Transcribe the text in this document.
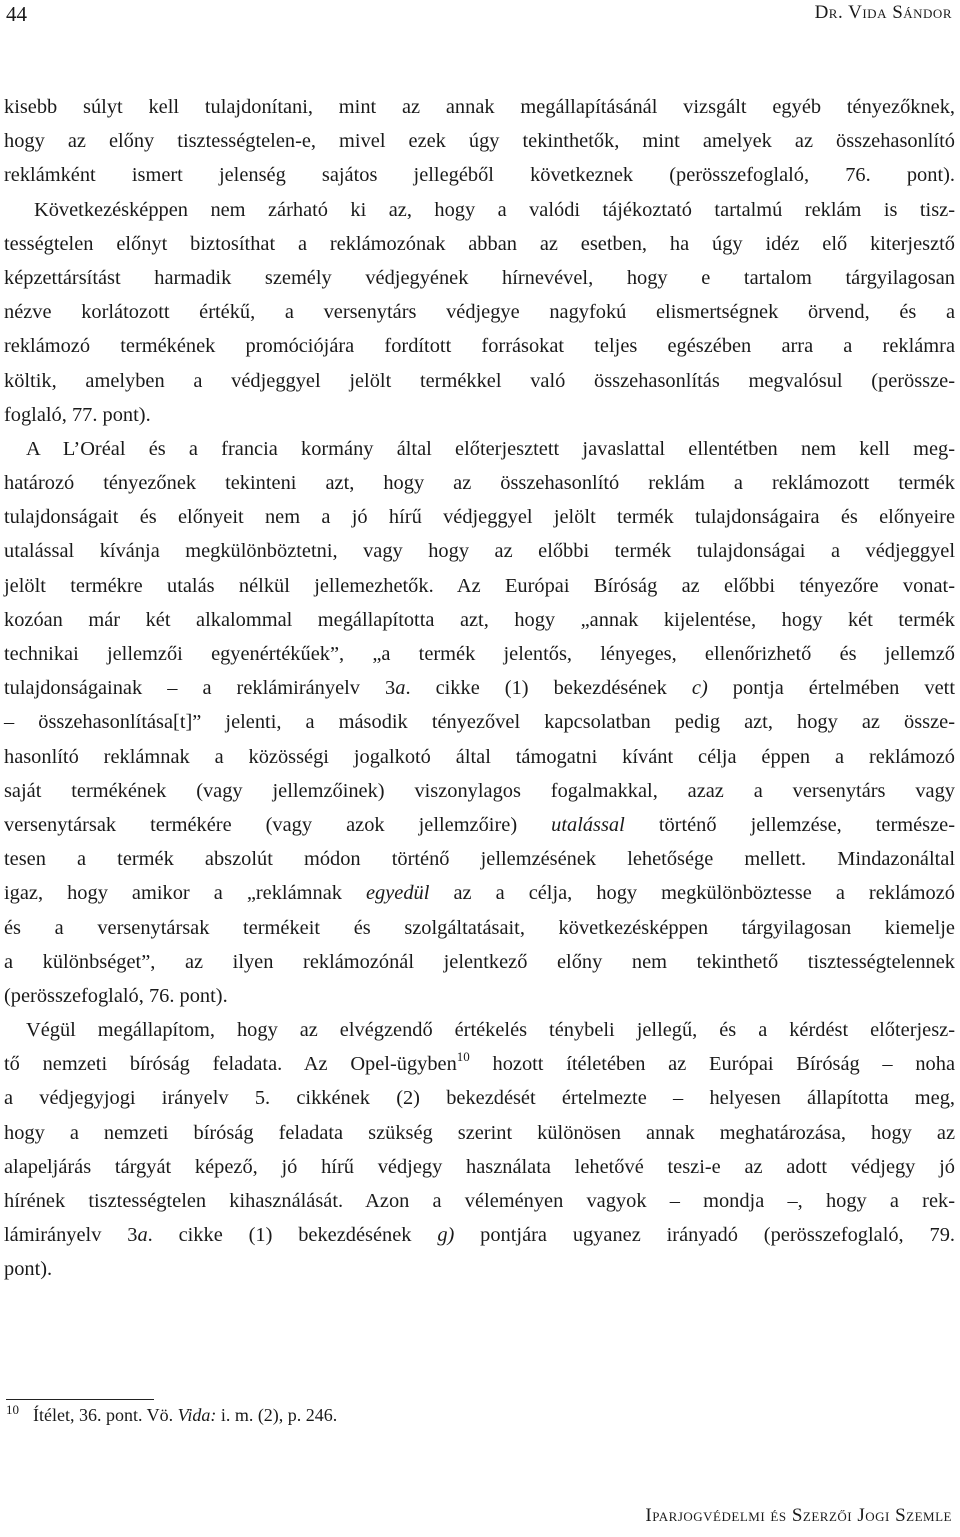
44	Dr. Vida Sándor
kisebb súlyt kell tulajdonítani, mint az annak megállapításánál vizsgált egyéb tényezőknek,
hogy az előny tisztességtelen-e, mivel ezek úgy tekinthetők, mint amelyek az összehasonlító
reklámként ismert jelenség sajátos jellegéből következnek (perösszefoglaló, 76. pont).
Következésképpen nem zárható ki az, hogy a valódi tájékoztató tartalmú reklám is tisz-
tességtelen előnyt biztosíthat a reklámozónak abban az esetben, ha úgy idéz elő kiterjesztő
képzettársítást harmadik személy védjegyének hírnevével, hogy e tartalom tárgyilagosan
nézve korlátozott értékű, a versenytárs védjegye nagyfokú elismertségnek örvend, és a
reklámozó termékének promóciójára fordított forrásokat teljes egészében arra a reklámra
költik, amelyben a védjeggyel jelölt termékkel való összehasonlítás megvalósul (perössze-
foglaló, 77. pont).
A L’Oréal és a francia kormány által előterjesztett javaslattal ellentétben nem kell meg-
határozó tényezőnek tekinteni azt, hogy az összehasonlító reklám a reklámozott termék
tulajdonságait és előnyeit nem a jó hírű védjeggyel jelölt termék tulajdonságaira és előnyeire
utalással kívánja megkülönböztetni, vagy hogy az előbbi termék tulajdonságai a védjeggyel
jelölt termékre utalás nélkül jellemezhetők. Az Európai Bíróság az előbbi tényezőre vonat-
kozóan már két alkalommal megállapította azt, hogy „annak kijelentése, hogy két termék
technikai jellemzői egyenértékűek”, „a termék jelentős, lényeges, ellenőrizhető és jellemző
tulajdonságainak – a reklámirányelv 3a. cikke (1) bekezdésének c) pontja értelmében vett
– összehasonlítása[t]” jelenti, a második tényezővel kapcsolatban pedig azt, hogy az össze-
hasonlító reklámnak a közösségi jogalkotó által támogatni kívánt célja éppen a reklámozó
saját termékének (vagy jellemzőinek) viszonylagos fogalmakkal, azaz a versenytárs vagy
versenytársak termékére (vagy azok jellemzőire) utalással történő jellemzése, természe-
tesen a termék abszolút módon történő jellemzésének lehetősége mellett. Mindazonáltal
igaz, hogy amikor a „reklámnak egyedül az a célja, hogy megkülönböztesse a reklámozó
és a versenytársak termékeit és szolgáltatásait, következésképpen tárgyilagosan kiemelje
a különbséget”, az ilyen reklámozónál jelentkező előny nem tekinthető tisztességtelennek
(perösszefoglaló, 76. pont).
Végül megállapítom, hogy az elvégzendő értékelés ténybeli jellegű, és a kérdést előterjesz-
tő nemzeti bíróság feladata. Az Opel-ügyben$^{10}$ hozott ítéletében az Európai Bíróság – noha
a védjegyjogi irányelv 5. cikkének (2) bekezdését értelmezte – helyesen állapította meg,
hogy a nemzeti bíróság feladata szükség szerint különösen annak meghatározása, hogy az
alapeljárás tárgyát képező, jó hírű védjegy használata lehetővé teszi-e az adott védjegy jó
hírének tisztességtelen kihasználását. Azon a véleményen vagyok – mondja –, hogy a rek-
lámirányelv 3a. cikke (1) bekezdésének g) pontjára ugyanez irányadó (perösszefoglaló, 79.
pont).
$^{10}$ Ítélet, 36. pont. Vö. Vida: i. m. (2), p. 246.
Iparjogvédelmi és Szerzői Jogi Szemle
